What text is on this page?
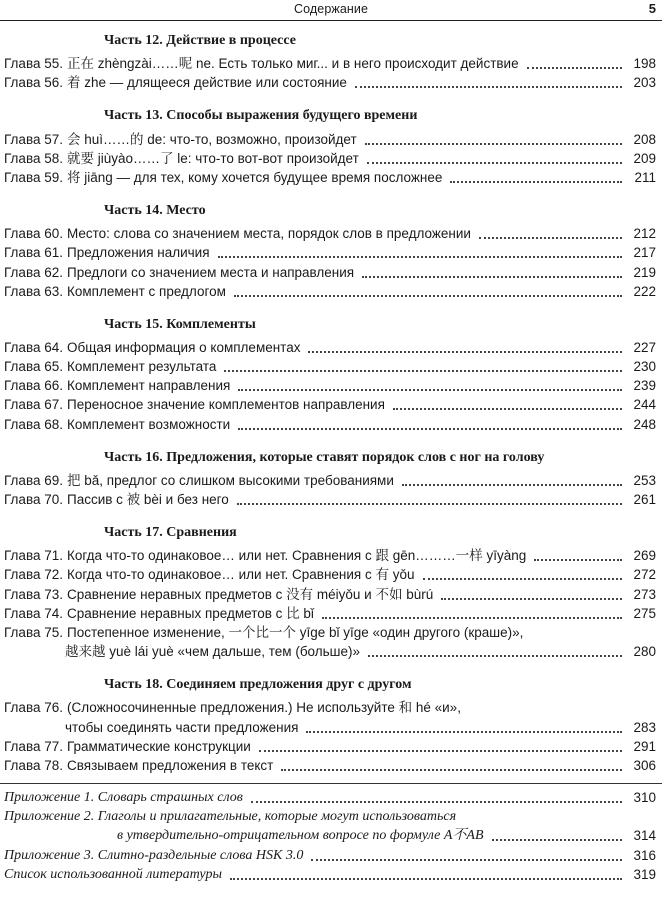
Содержание	5
Часть 12. Действие в процессе
Глава 55. 正在 zhèngzài……呢 ne. Есть только миг... и в него происходит действие	198
Глава 56. 着 zhe — длящееся действие или состояние	203
Часть 13. Способы выражения будущего времени
Глава 57. 会 huì……的 de: что-то, возможно, произойдет	208
Глава 58. 就要 jiùyào……了 le: что-то вот-вот произойдет	209
Глава 59. 将 jiāng — для тех, кому хочется будущее время посложнее	211
Часть 14. Место
Глава 60. Место: слова со значением места, порядок слов в предложении	212
Глава 61. Предложения наличия	217
Глава 62. Предлоги со значением места и направления	219
Глава 63. Комплемент с предлогом	222
Часть 15. Комплементы
Глава 64. Общая информация о комплементах	227
Глава 65. Комплемент результата	230
Глава 66. Комплемент направления	239
Глава 67. Переносное значение комплементов направления	244
Глава 68. Комплемент возможности	248
Часть 16. Предложения, которые ставят порядок слов с ног на голову
Глава 69. 把 bǎ, предлог со слишком высокими требованиями	253
Глава 70. Пассив с 被 bèi и без него	261
Часть 17. Сравнения
Глава 71. Когда что-то одинаковое… или нет. Сравнения с 跟 gēn………一样 yīyàng	269
Глава 72. Когда что-то одинаковое… или нет. Сравнения с 有 yǒu	272
Глава 73. Сравнение неравных предметов с 没有 méiyǒu и 不如 bùrú	273
Глава 74. Сравнение неравных предметов с 比 bǐ	275
Глава 75. Постепенное изменение, 一个比一个 yīge bǐ yīge «один другого (краше)»,
越来越 yuè lái yuè «чем дальше, тем (больше)»	280
Часть 18. Соединяем предложения друг с другом
Глава 76. (Сложносочиненные предложения.) Не используйте 和 hé «и»,
чтобы соединять части предложения	283
Глава 77. Грамматические конструкции	291
Глава 78. Связываем предложения в текст	306
Приложение 1. Словарь страшных слов	310
Приложение 2. Глаголы и прилагательные, которые могут использоваться
в утвердительно-отрицательном вопросе по формуле A不AB	314
Приложение 3. Слитно-раздельные слова HSK 3.0	316
Список использованной литературы	319
